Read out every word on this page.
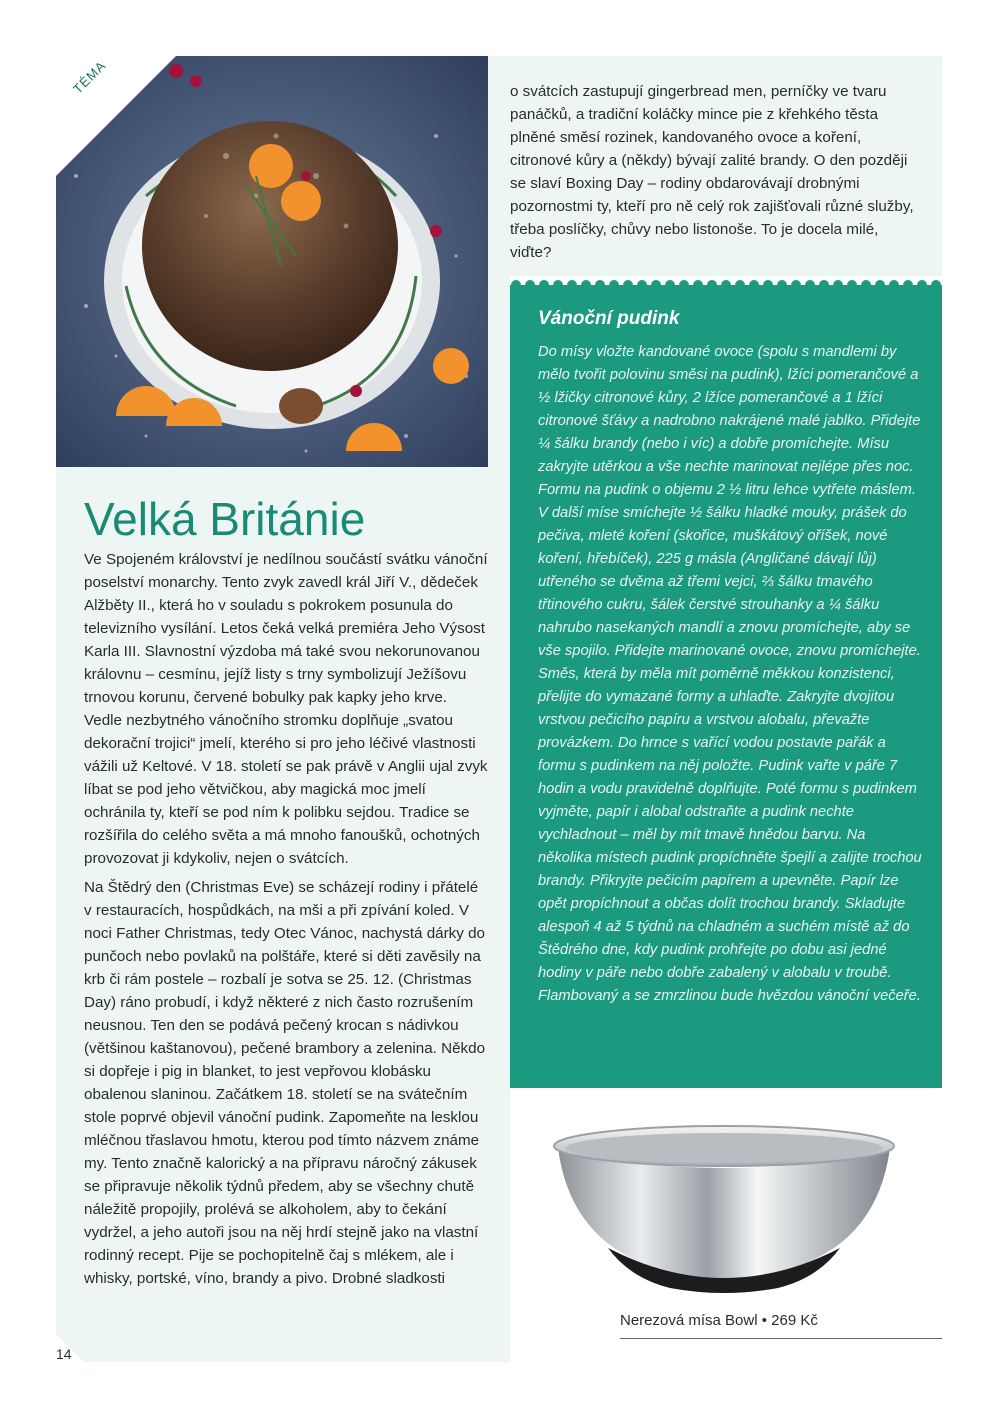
TÉMA
Velká Británie

Ve Spojeném království je nedílnou součástí svátku vánoční poselství monarchy. Tento zvyk zavedl král Jiří V., dědeček Alžběty II., která ho v souladu s pokrokem posunula do televizního vysílání. Letos čeká velká premiéra Jeho Výsost Karla III. Slavnostní výzdoba má také svou nekorunovanou královnu – cesmínu, jejíž listy s trny symbolizují Ježíšovu trnovou korunu, červené bobulky pak kapky jeho krve. Vedle nezbytného vánočního stromku doplňuje „svatou dekorační trojici“ jmelí, kterého si pro jeho léčivé vlastnosti vážili už Keltové. V 18. století se pak právě v Anglii ujal zvyk líbat se pod jeho větvičkou, aby magická moc jmelí ochránila ty, kteří se pod ním k polibku sejdou. Tradice se rozšířila do celého světa a má mnoho fanoušků, ochotných provozovat ji kdykoliv, nejen o svátcích.

Na Štědrý den (Christmas Eve) se scházejí rodiny i přátelé v restauracích, hospůdkách, na mši a při zpívání koled. V noci Father Christmas, tedy Otec Vánoc, nachystá dárky do punčoch nebo povlaků na polštáře, které si děti zavěsily na krb či rám postele – rozbalí je sotva se 25. 12. (Christmas Day) ráno probudí, i když některé z nich často rozrušením neusnou. Ten den se podává pečený krocan s nádivkou (většinou kaštanovou), pečené brambory a zelenina. Někdo si dopřeje i pig in blanket, to jest vepřovou klobásku obalenou slaninou. Začátkem 18. století se na svátečním stole poprvé objevil vánoční pudink. Zapomeňte na lesklou mléčnou třaslavou hmotu, kterou pod tímto názvem známe my. Tento značně kalorický a na přípravu náročný zákusek se připravuje několik týdnů předem, aby se všechny chutě náležitě propojily, prolévá se alkoholem, aby to čekání vydržel, a jeho autoři jsou na něj hrdí stejně jako na vlastní rodinný recept. Pije se pochopitelně čaj s mlékem, ale i whisky, portské, víno, brandy a pivo. Drobné sladkosti

o svátcích zastupují gingerbread men, perníčky ve tvaru panáčků, a tradiční koláčky mince pie z křehkého těsta plněné směsí rozinek, kandovaného ovoce a koření, citronové kůry a (někdy) bývají zalité brandy. O den později se slaví Boxing Day – rodiny obdarovávají drobnými pozornostmi ty, kteří pro ně celý rok zajišťovali různé služby, třeba poslíčky, chůvy nebo listonoše. To je docela milé, viďte?

Vánoční pudink

Do mísy vložte kandované ovoce (spolu s mandlemi by mělo tvořit polovinu směsi na pudink), lžíci pomerančové a ½ lžičky citronové kůry, 2 lžíce pomerančové a 1 lžíci citronové šťávy a nadrobno nakrájené malé jablko. Přidejte ¼ šálku brandy (nebo i víc) a dobře promíchejte. Mísu zakryjte utěrkou a vše nechte marinovat nejlépe přes noc. Formu na pudink o objemu 2 ½ litru lehce vytřete máslem. V další míse smíchejte ½ šálku hladké mouky, prášek do pečiva, mleté koření (skořice, muškátový oříšek, nové koření, hřebíček), 225 g másla (Angličané dávají lůj) utřeného se dvěma až třemi vejci, ⅔ šálku tmavého třtinového cukru, šálek čerstvé strouhanky a ¼ šálku nahrubo nasekaných mandlí a znovu promíchejte, aby se vše spojilo. Přidejte marinované ovoce, znovu promíchejte. Směs, která by měla mít poměrně měkkou konzistenci, přelijte do vymazané formy a uhlaďte. Zakryjte dvojitou vrstvou pečicího papíru a vrstvou alobalu, převažte provázkem. Do hrnce s vařící vodou postavte pařák a formu s pudinkem na něj položte. Pudink vařte v páře 7 hodin a vodu pravidelně doplňujte. Poté formu s pudinkem vyjměte, papír i alobal odstraňte a pudink nechte vychladnout – měl by mít tmavě hnědou barvu. Na několika místech pudink propíchněte špejlí a zalijte trochou brandy. Přikryjte pečicím papírem a upevněte. Papír lze opět propíchnout a občas dolít trochou brandy. Skladujte alespoň 4 až 5 týdnů na chladném a suchém místě až do Štědrého dne, kdy pudink prohřejte po dobu asi jedné hodiny v páře nebo dobře zabalený v alobalu v troubě. Flambovaný a se zmrzlinou bude hvězdou vánoční večeře.

Nerezová mísa Bowl • 269 Kč
14
